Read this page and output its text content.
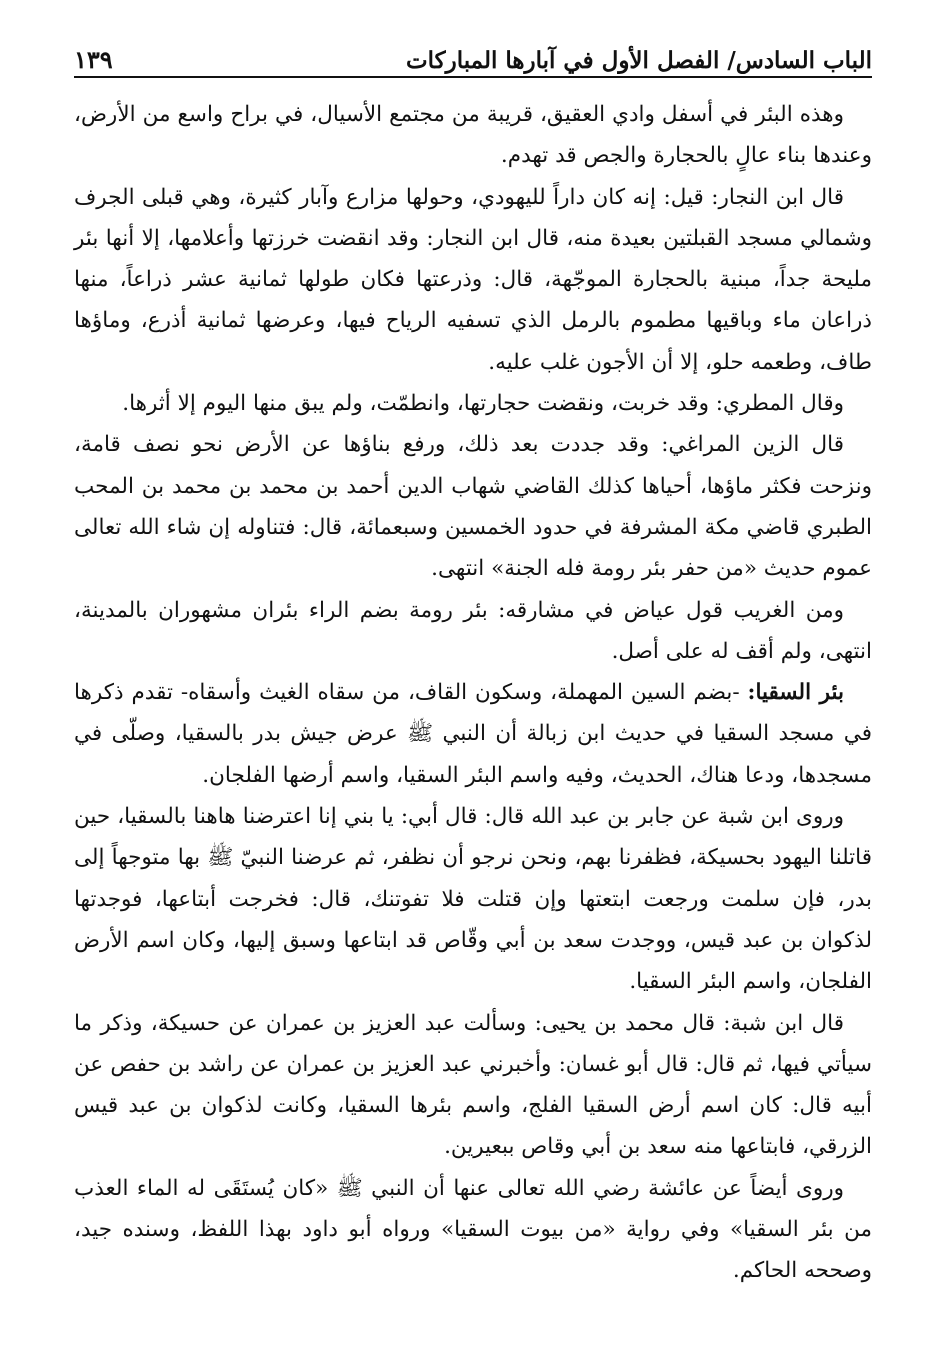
الباب السادس/ الفصل الأول في آبارها المباركات
١٣٩

وهذه البئر في أسفل وادي العقيق، قريبة من مجتمع الأسيال، في براح واسع من الأرض، وعندها بناء عالٍ بالحجارة والجص قد تهدم.

قال ابن النجار: قيل: إنه كان داراً لليهودي، وحولها مزارع وآبار كثيرة، وهي قبلى الجرف وشمالي مسجد القبلتين بعيدة منه، قال ابن النجار: وقد انقضت خرزتها وأعلامها، إلا أنها بئر مليحة جداً، مبنية بالحجارة الموجّهة، قال: وذرعتها فكان طولها ثمانية عشر ذراعاً، منها ذراعان ماء وباقيها مطموم بالرمل الذي تسفيه الرياح فيها، وعرضها ثمانية أذرع، وماؤها طاف، وطعمه حلو، إلا أن الأجون غلب عليه.

وقال المطري: وقد خربت، ونقضت حجارتها، وانطمّت، ولم يبق منها اليوم إلا أثرها.

قال الزين المراغي: وقد جددت بعد ذلك، ورفع بناؤها عن الأرض نحو نصف قامة، ونزحت فكثر ماؤها، أحياها كذلك القاضي شهاب الدين أحمد بن محمد بن محمد بن المحب الطبري قاضي مكة المشرفة في حدود الخمسين وسبعمائة، قال: فتناوله إن شاء الله تعالى عموم حديث «من حفر بئر رومة فله الجنة» انتهى.

ومن الغريب قول عياض في مشارقه: بئر رومة بضم الراء بئران مشهوران بالمدينة، انتهى، ولم أقف له على أصل.

بئر السقيا: -بضم السين المهملة، وسكون القاف، من سقاه الغيث وأسقاه- تقدم ذكرها في مسجد السقيا في حديث ابن زبالة أن النبي ﷺ عرض جيش بدر بالسقيا، وصلّى في مسجدها، ودعا هناك، الحديث، وفيه واسم البئر السقيا، واسم أرضها الفلجان.

وروى ابن شبة عن جابر بن عبد الله قال: قال أبي: يا بني إنا اعترضنا هاهنا بالسقيا، حين قاتلنا اليهود بحسيكة، فظفرنا بهم، ونحن نرجو أن نظفر، ثم عرضنا النبيّ ﷺ بها متوجهاً إلى بدر، فإن سلمت ورجعت ابتعتها وإن قتلت فلا تفوتنك، قال: فخرجت أبتاعها، فوجدتها لذكوان بن عبد قيس، ووجدت سعد بن أبي وقّاص قد ابتاعها وسبق إليها، وكان اسم الأرض الفلجان، واسم البئر السقيا.

قال ابن شبة: قال محمد بن يحيى: وسألت عبد العزيز بن عمران عن حسيكة، وذكر ما سيأتي فيها، ثم قال: قال أبو غسان: وأخبرني عبد العزيز بن عمران عن راشد بن حفص عن أبيه قال: كان اسم أرض السقيا الفلج، واسم بئرها السقيا، وكانت لذكوان بن عبد قيس الزرقي، فابتاعها منه سعد بن أبي وقاص ببعيرين.

وروى أيضاً عن عائشة رضي الله تعالى عنها أن النبي ﷺ «كان يُستَقَى له الماء العذب من بئر السقيا» وفي رواية «من بيوت السقيا» ورواه أبو داود بهذا اللفظ، وسنده جيد، وصححه الحاكم.
